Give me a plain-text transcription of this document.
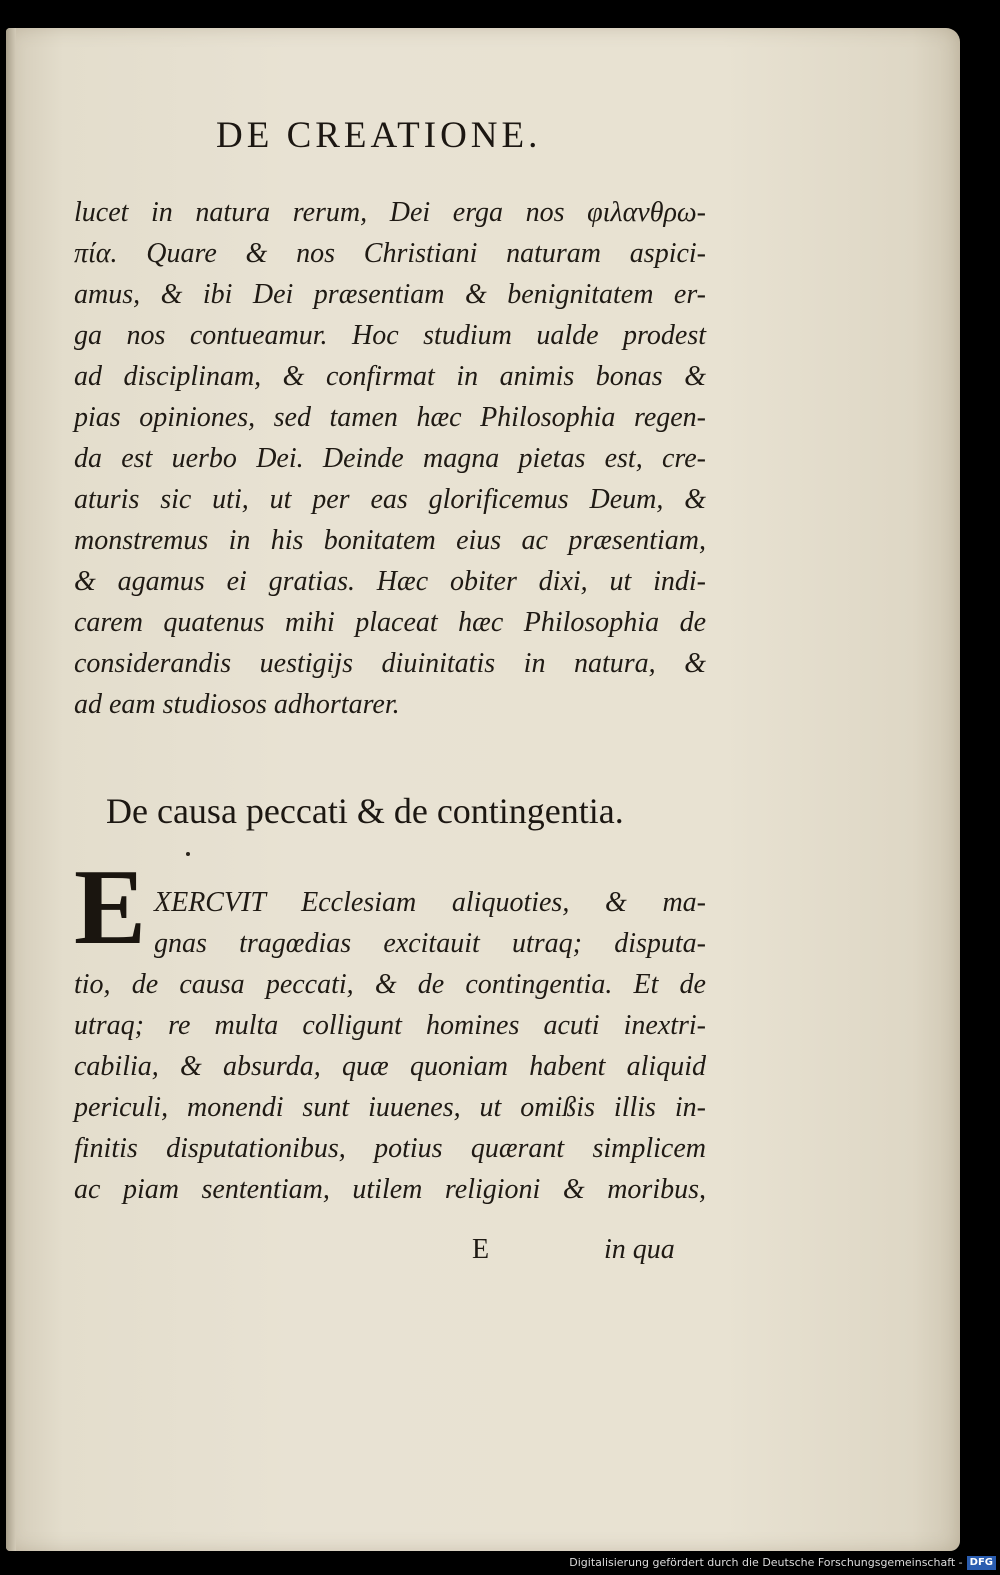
DE CREATIONE.
lucet in natura rerum, Dei erga nos φιλανθρω-
πία. Quare & nos Christiani naturam aspici-
amus, & ibi Dei præsentiam & benignitatem er-
ga nos contueamur. Hoc studium ualde prodest
ad disciplinam, & confirmat in animis bonas &
pias opiniones, sed tamen hæc Philosophia regen-
da est uerbo Dei. Deinde magna pietas est, cre-
aturis sic uti, ut per eas glorificemus Deum, &
monstremus in his bonitatem eius ac præsentiam,
& agamus ei gratias. Hæc obiter dixi, ut indi-
carem quatenus mihi placeat hæc Philosophia de
considerandis uestigijs diuinitatis in natura, &
ad eam studiosos adhortarer.
De causa peccati & de contingentia.
E XERCVIT Ecclesiam aliquoties, & ma-
gnas tragœdias excitauit utraq; disputa-
tio, de causa peccati, & de contingentia. Et de
utraq; re multa colligunt homines acuti inextri-
cabilia, & absurda, quæ quoniam habent aliquid
periculi, monendi sunt iuuenes, ut omißis illis in-
finitis disputationibus, potius quærant simplicem
ac piam sententiam, utilem religioni & moribus,
E	in qua
Digitalisierung gefördert durch die Deutsche Forschungsgemeinschaft - DFG
